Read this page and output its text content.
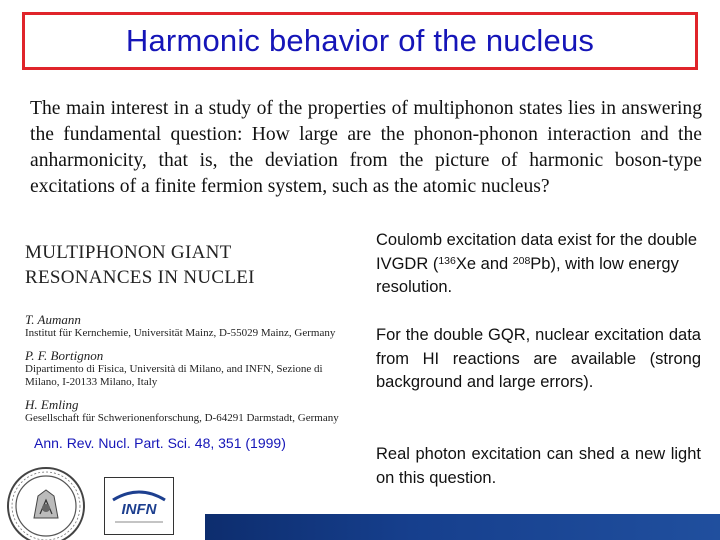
Harmonic behavior of the nucleus
The main interest in a study of the properties of multiphonon states lies in answering the fundamental question: How large are the phonon-phonon interaction and the anharmonicity, that is, the deviation from the picture of harmonic boson-type excitations of a finite fermion system, such as the atomic nucleus?
MULTIPHONON GIANT
RESONANCES IN NUCLEI
T. Aumann
Institut für Kernchemie, Universität Mainz, D-55029 Mainz, Germany
P. F. Bortignon
Dipartimento di Fisica, Università di Milano, and INFN, Sezione di Milano, I-20133 Milano, Italy
H. Emling
Gesellschaft für Schwerionenforschung, D-64291 Darmstadt, Germany
Ann. Rev. Nucl. Part. Sci. 48, 351 (1999)
Coulomb excitation data exist for the double IVGDR ($^{136}$Xe and $^{208}$Pb), with low energy resolution.
For the double GQR, nuclear excitation data from HI reactions are available (strong background and large errors).
Real photon excitation can shed a new light on this question.
INFN
